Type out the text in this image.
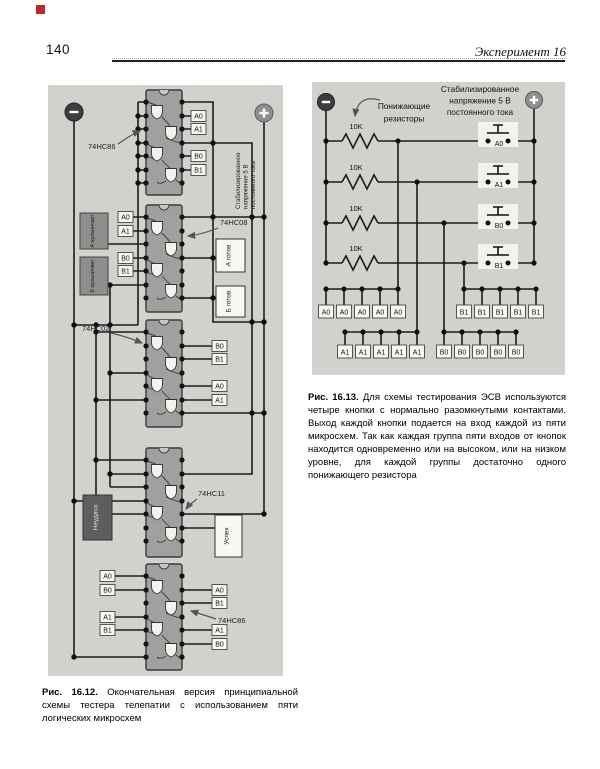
140	Эксперимент 16
Стабилизированное напряжение 5 В постоянного тока
74HC86
74HC08
74HC02
74HC11
74HC86
A0
A1
B0
B1
A0
A1
B0
B1
B0
B1
A0
A1
A0
B0
A1
B1
A0
B1
A1
B0
А жульничает
Б жульничает
А готов
Б готов
Неудача
Успех
10K
10K
10K
10K
A0
A1
B0
B1
A0 A0 A0 A0 A0	B1 B1 B1 B1 B1
A1 A1 A1 A1 A1	B0 B0 B0 B0 B0
Стабилизированное
напряжение 5 В
постоянного тока
Понижающие
резисторы
Рис. 16.13. Для схемы тестирования ЭСВ используются четыре кнопки с нормально разомкнутыми контактами. Выход каждой кнопки подается на вход каждой из пяти микросхем. Так как каждая группа пяти входов от кнопок находится одновременно или на высоком, или на низком уровне, для каждой группы достаточно одного понижающего резистора
Рис. 16.12. Окончательная версия принципиальной схемы тестера телепатии с использованием пяти логических микросхем
